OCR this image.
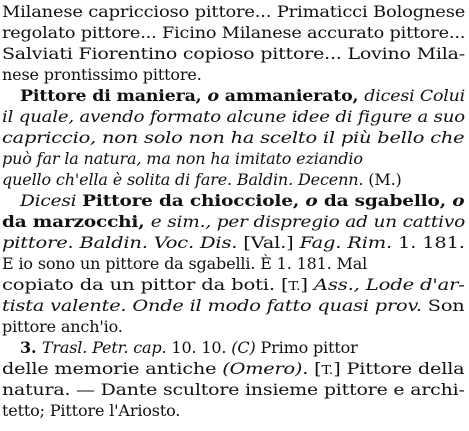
Milanese capriccioso pittore... Primaticci Bolognese
regolato pittore... Ficino Milanese accurato pittore...
Salviati Fiorentino copioso pittore... Lovino Mila-
nese prontissimo pittore.
Pittore di maniera, o ammanierato, dicesi Colui
il quale, avendo formato alcune idee di figure a suo
capriccio, non solo non ha scelto il più bello che
può far la natura, ma non ha imitato eziandio
quello ch'ella è solita di fare. Baldin. Decenn. (M.)
Dicesi Pittore da chiocciole, o da sgabello, o
da marzocchi, e sim., per dispregio ad un cattivo
pittore. Baldin. Voc. Dis. [Val.] Fag. Rim. 1. 181.
E io sono un pittore da sgabelli. È 1. 181. Mal
copiato da un pittor da boti. [T.] Ass., Lode d'ar-
tista valente. Onde il modo fatto quasi prov. Son
pittore anch'io.
3. Trasl. Petr. cap. 10. 10. (C) Primo pittor
delle memorie antiche (Omero). [T.] Pittore della
natura. — Dante scultore insieme pittore e archi-
tetto; Pittore l'Ariosto.
